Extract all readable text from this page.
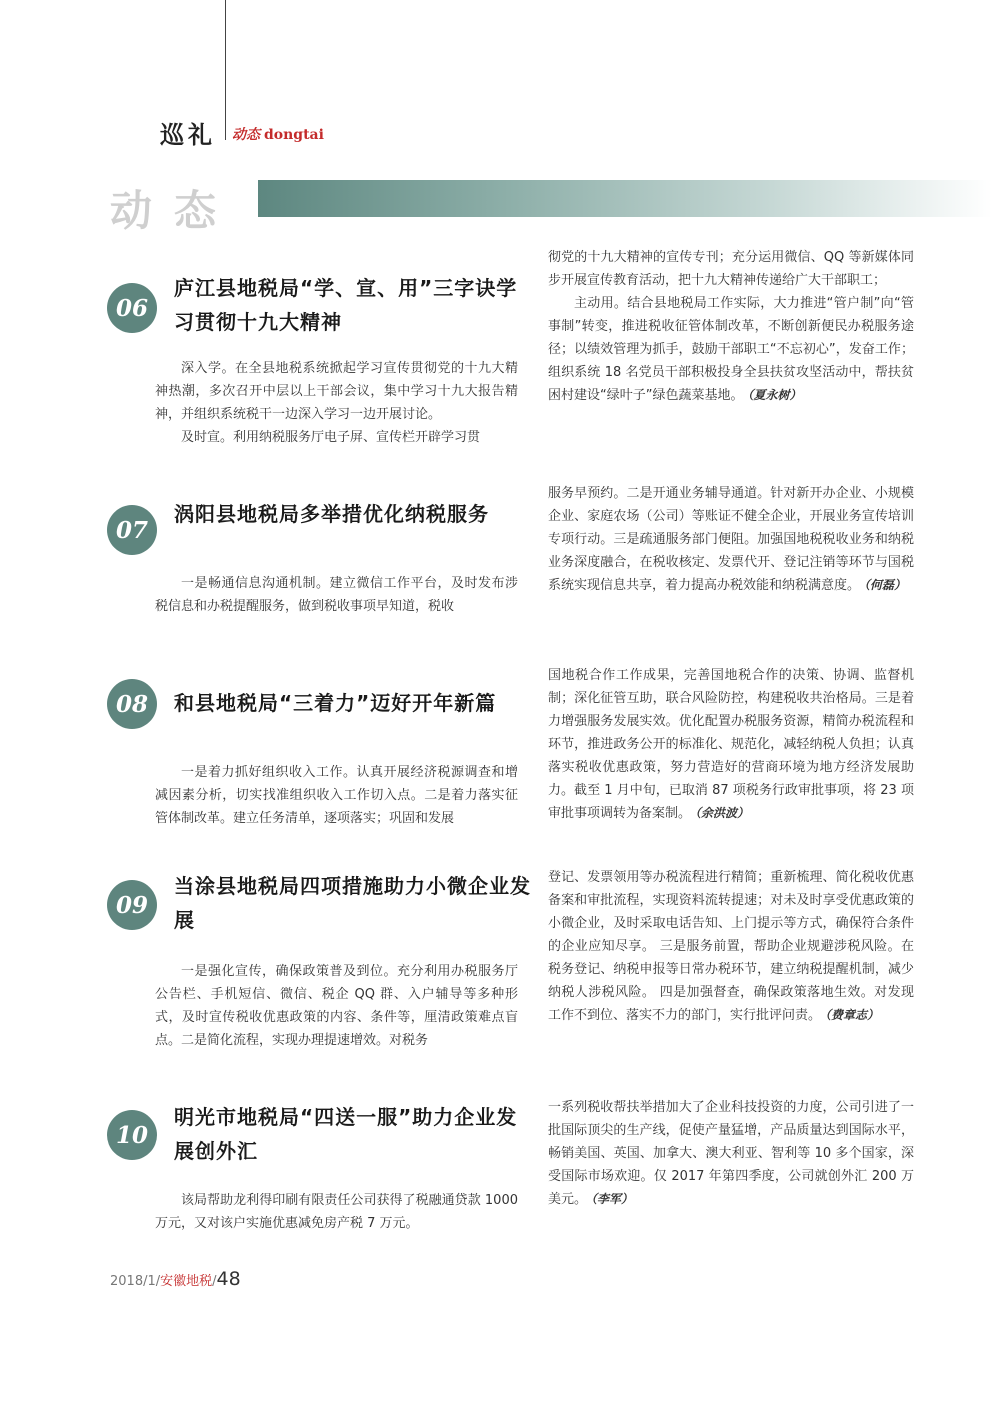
巡礼 动态 dongtai
动态
06
庐江县地税局“学、宣、用”三字诀学习贯彻十九大精神

深入学。在全县地税系统掀起学习宣传贯彻党的十九大精神热潮，多次召开中层以上干部会议，集中学习十九大报告精神，并组织系统税干一边深入学习一边开展讨论。

及时宣。利用纳税服务厅电子屏、宣传栏开辟学习贯

彻党的十九大精神的宣传专刊；充分运用微信、QQ 等新媒体同步开展宣传教育活动，把十九大精神传递给广大干部职工；

主动用。结合县地税局工作实际，大力推进“管户制”向“管事制”转变，推进税收征管体制改革，不断创新便民办税服务途径；以绩效管理为抓手，鼓励干部职工“不忘初心”，发奋工作；组织系统 18 名党员干部积极投身全县扶贫攻坚活动中，帮扶贫困村建设“绿叶子”绿色蔬菜基地。 （夏永树）

07
涡阳县地税局多举措优化纳税服务

一是畅通信息沟通机制。建立微信工作平台，及时发布涉税信息和办税提醒服务，做到税收事项早知道，税收

服务早预约。二是开通业务辅导通道。针对新开办企业、小规模企业、家庭农场（公司）等账证不健全企业，开展业务宣传培训专项行动。三是疏通服务部门便阻。加强国地税税收业务和纳税业务深度融合，在税收核定、发票代开、登记注销等环节与国税系统实现信息共享，着力提高办税效能和纳税满意度。 （何磊）

08	和县地税局“三着力”迈好开年新篇

一是着力抓好组织收入工作。认真开展经济税源调查和增减因素分析，切实找准组织收入工作切入点。二是着力落实征管体制改革。建立任务清单，逐项落实；巩固和发展

国地税合作工作成果，完善国地税合作的决策、协调、监督机制；深化征管互助，联合风险防控，构建税收共治格局。三是着力增强服务发展实效。优化配置办税服务资源，精简办税流程和环节，推进政务公开的标准化、规范化，减轻纳税人负担；认真落实税收优惠政策，努力营造好的营商环境为地方经济发展助力。截至 1 月中旬，已取消 87 项税务行政审批事项，将 23 项审批事项调转为备案制。 （余洪波）

09
当涂县地税局四项措施助力小微企业发展

一是强化宣传，确保政策普及到位。充分利用办税服务厅公告栏、手机短信、微信、税企 QQ 群、入户辅导等多种形式，及时宣传税收优惠政策的内容、条件等，厘清政策难点盲点。二是简化流程，实现办理提速增效。对税务

登记、发票领用等办税流程进行精简；重新梳理、简化税收优惠备案和审批流程，实现资料流转提速；对未及时享受优惠政策的小微企业，及时采取电话告知、上门提示等方式，确保符合条件的企业应知尽享。 三是服务前置，帮助企业规避涉税风险。在税务登记、纳税申报等日常办税环节，建立纳税提醒机制，减少纳税人涉税风险。 四是加强督查，确保政策落地生效。对发现工作不到位、落实不力的部门，实行批评问责。 （费章志）

10
明光市地税局“四送一服”助力企业发展创外汇

该局帮助龙利得印刷有限责任公司获得了税融通贷款 1000 万元，又对该户实施优惠减免房产税 7 万元。

一系列税收帮扶举措加大了企业科技投资的力度，公司引进了一批国际顶尖的生产线，促使产量猛增，产品质量达到国际水平，畅销美国、英国、加拿大、澳大利亚、智利等 10 多个国家，深受国际市场欢迎。仅 2017 年第四季度，公司就创外汇 200 万美元。 （李军）

2018/1/安徽地税/48
